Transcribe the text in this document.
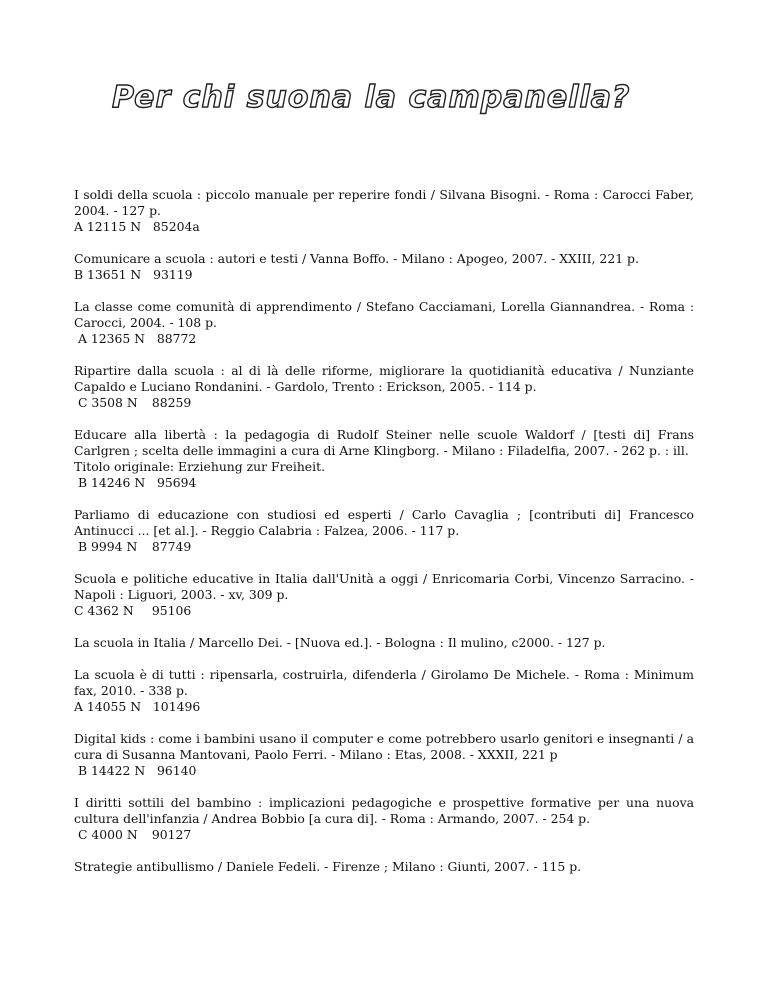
Per chi suona la campanella?

I soldi della scuola : piccolo manuale per reperire fondi / Silvana Bisogni. - Roma : Carocci Faber, 2004. - 127 p.

A 12115 N 85204a

Comunicare a scuola : autori e testi / Vanna Boffo. - Milano : Apogeo, 2007. - XXIII, 221 p.

B 13651 N 93119

La classe come comunità di apprendimento / Stefano Cacciamani, Lorella Giannandrea. - Roma : Carocci, 2004. - 108 p.

A 12365 N 88772

Ripartire dalla scuola : al di là delle riforme, migliorare la quotidianità educativa / Nunziante Capaldo e Luciano Rondanini. - Gardolo, Trento : Erickson, 2005. - 114 p.

C 3508 N 88259

Educare alla libertà : la pedagogia di Rudolf Steiner nelle scuole Waldorf / [testi di] Frans Carlgren ; scelta delle immagini a cura di Arne Klingborg. - Milano : Filadelfia, 2007. - 262 p. : ill.

Titolo originale: Erziehung zur Freiheit.
B 14246 N 95694

Parliamo di educazione con studiosi ed esperti / Carlo Cavaglia ; [contributi di] Francesco Antinucci ... [et al.]. - Reggio Calabria : Falzea, 2006. - 117 p.

B 9994 N 87749

Scuola e politiche educative in Italia dall'Unità a oggi / Enricomaria Corbi, Vincenzo Sarracino. - Napoli : Liguori, 2003. - xv, 309 p.

C 4362 N 95106

La scuola in Italia / Marcello Dei. - [Nuova ed.]. - Bologna : Il mulino, c2000. - 127 p.

La scuola è di tutti : ripensarla, costruirla, difenderla / Girolamo De Michele. - Roma : Minimum fax, 2010. - 338 p.

A 14055 N 101496

Digital kids : come i bambini usano il computer e come potrebbero usarlo genitori e insegnanti / a cura di Susanna Mantovani, Paolo Ferri. - Milano : Etas, 2008. - XXXII, 221 p

B 14422 N 96140

I diritti sottili del bambino : implicazioni pedagogiche e prospettive formative per una nuova cultura dell'infanzia / Andrea Bobbio [a cura di]. - Roma : Armando, 2007. - 254 p.

C 4000 N 90127

Strategie antibullismo / Daniele Fedeli. - Firenze ; Milano : Giunti, 2007. - 115 p.
